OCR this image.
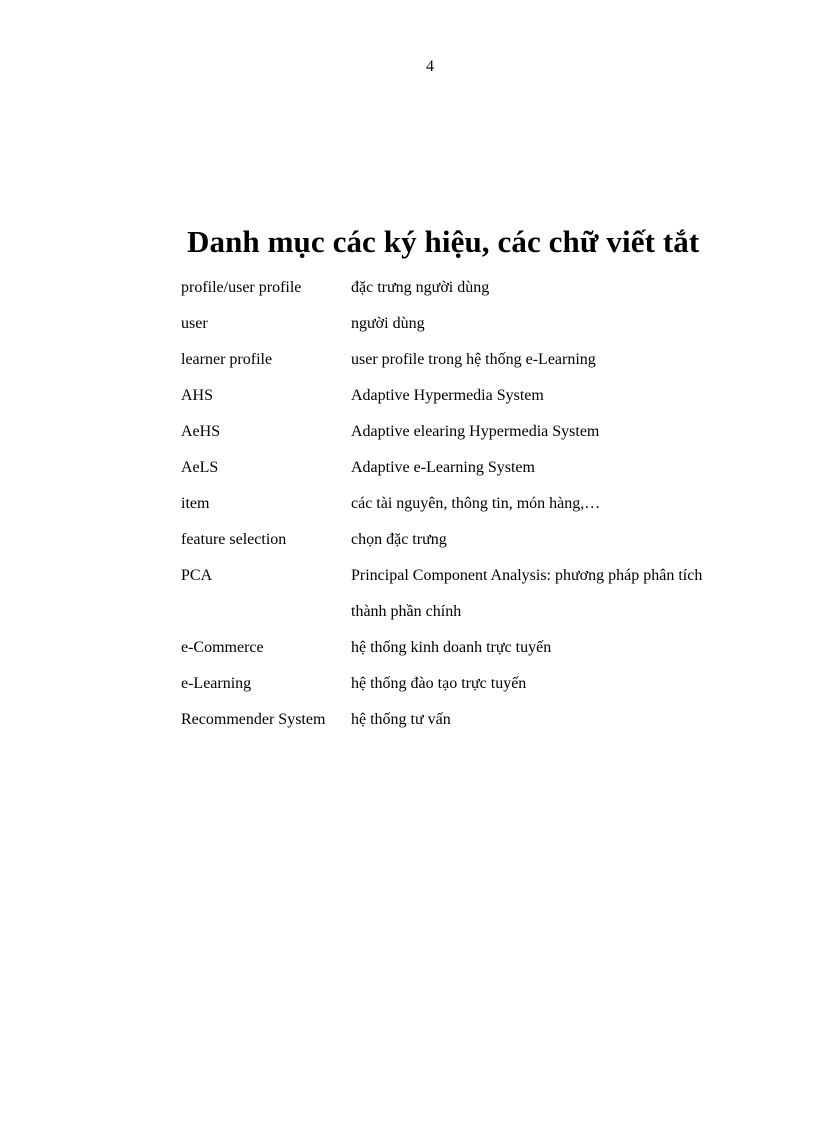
4
Danh mục các ký hiệu, các chữ viết tắt
profile/user profile	đặc trưng người dùng
user	người dùng
learner profile	user profile trong hệ thống e-Learning
AHS	Adaptive Hypermedia System
AeHS	Adaptive elearing Hypermedia System
AeLS	Adaptive e-Learning System
item	các tài nguyên, thông tin, món hàng,…
feature selection	chọn đặc trưng
PCA	Principal Component Analysis: phương pháp phân tích thành phần chính
e-Commerce	hệ thống kinh doanh trực tuyến
e-Learning	hệ thống đào tạo trực tuyến
Recommender System	hệ thống tư vấn
